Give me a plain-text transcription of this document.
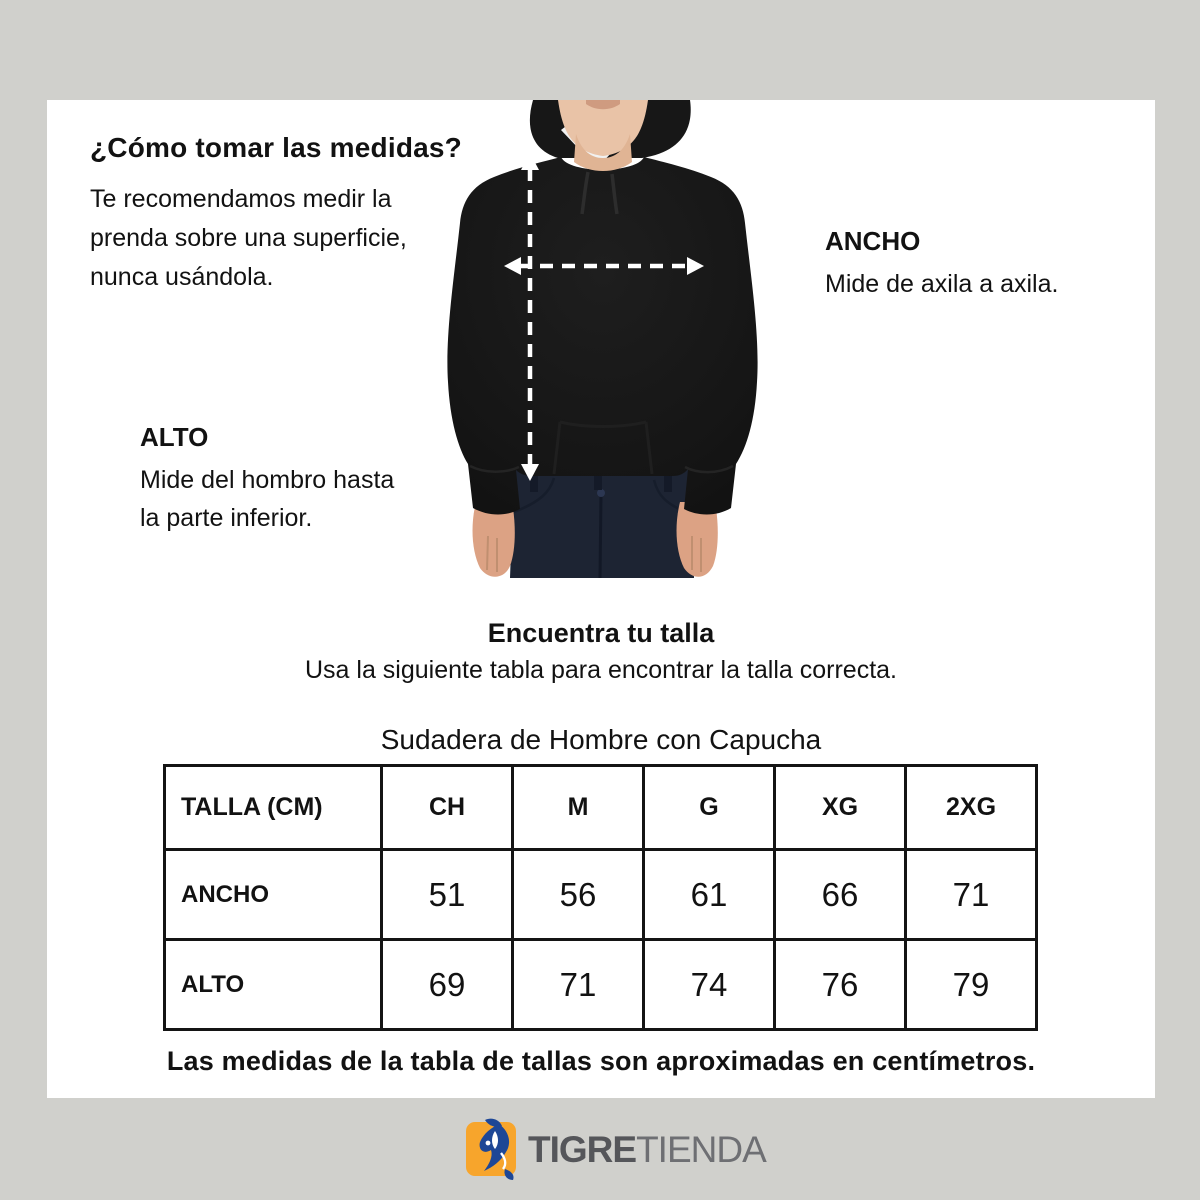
¿Cómo tomar las medidas?
Te recomendamos medir la prenda sobre una superficie, nunca usándola.

ANCHO

Mide de axila a axila.

ALTO

Mide del hombro hasta la parte inferior.

Encuentra tu talla
Usa la siguiente tabla para encontrar la talla correcta.
Sudadera de Hombre con Capucha
TALLA (CM)	CH	M	G	XG	2XG
ANCHO	51	56	61	66	71
ALTO	69	71	74	76	79
Las medidas de la tabla de tallas son aproximadas en centímetros.
TIGRE TIENDA
